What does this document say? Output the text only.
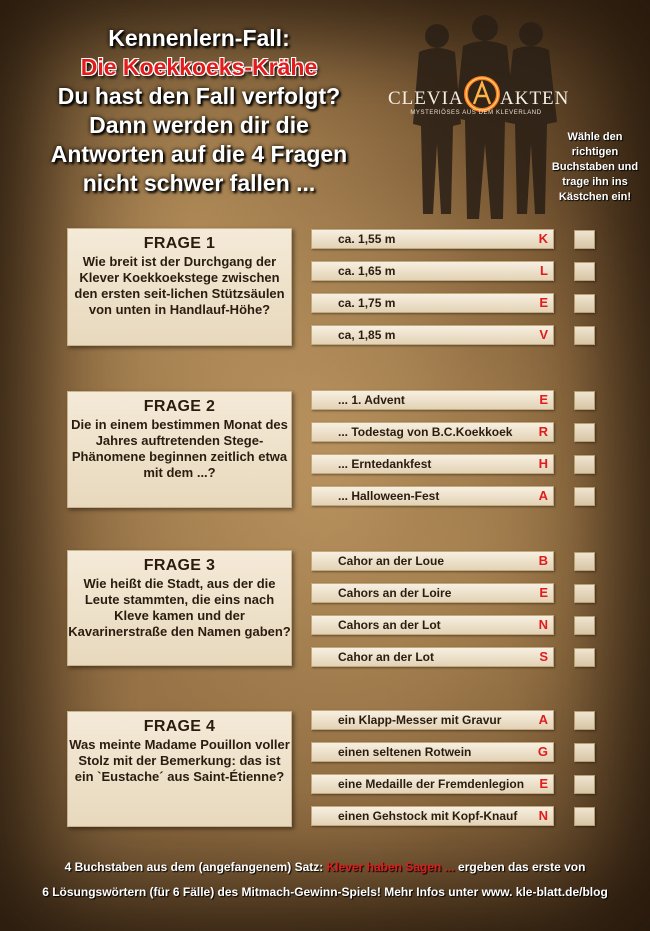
Kennenlern-Fall:
Die Koekkoeks-Krähe
Du hast den Fall verfolgt?
Dann werden dir die
Antworten auf die 4 Fragen
nicht schwer fallen ...
CLEVIA AKTEN
MYSTERIÖSES AUS DEM KLEVERLAND
Wähle den richtigen Buchstaben und trage ihn ins Kästchen ein!
FRAGE 1
Wie breit ist der Durchgang der Klever Koekkoekstege zwischen den ersten seit-lichen Stützsäulen von unten in Handlauf-Höhe?
ca. 1,55 m	K
ca. 1,65 m	L
ca. 1,75 m	E
ca, 1,85 m	V
FRAGE 2
Die in einem bestimmen Monat des Jahres auftretenden Stege-Phänomene beginnen zeitlich etwa mit dem ...?
... 1. Advent	E
... Todestag von B.C.Koekkoek R
... Erntedankfest	H
... Halloween-Fest	A
FRAGE 3
Wie heißt die Stadt, aus der die Leute stammten, die eins nach Kleve kamen und der Kavarinerstraße den Namen gaben?
Cahor an der Loue	B
Cahors an der Loire	E
Cahors an der Lot	N
Cahor an der Lot	S
FRAGE 4
Was meinte Madame Pouillon voller Stolz mit der Bemerkung: das ist ein `Eustache´ aus Saint-Étienne?
ein Klapp-Messer mit Gravur	A
einen seltenen Rotwein	G
eine Medaille der Fremdenlegion E
einen Gehstock mit Kopf-Knauf N
4 Buchstaben aus dem (angefangenem) Satz: Klever haben Sagen ... ergeben das erste von
6 Lösungswörtern (für 6 Fälle) des Mitmach-Gewinn-Spiels! Mehr Infos unter www. kle-blatt.de/blog
